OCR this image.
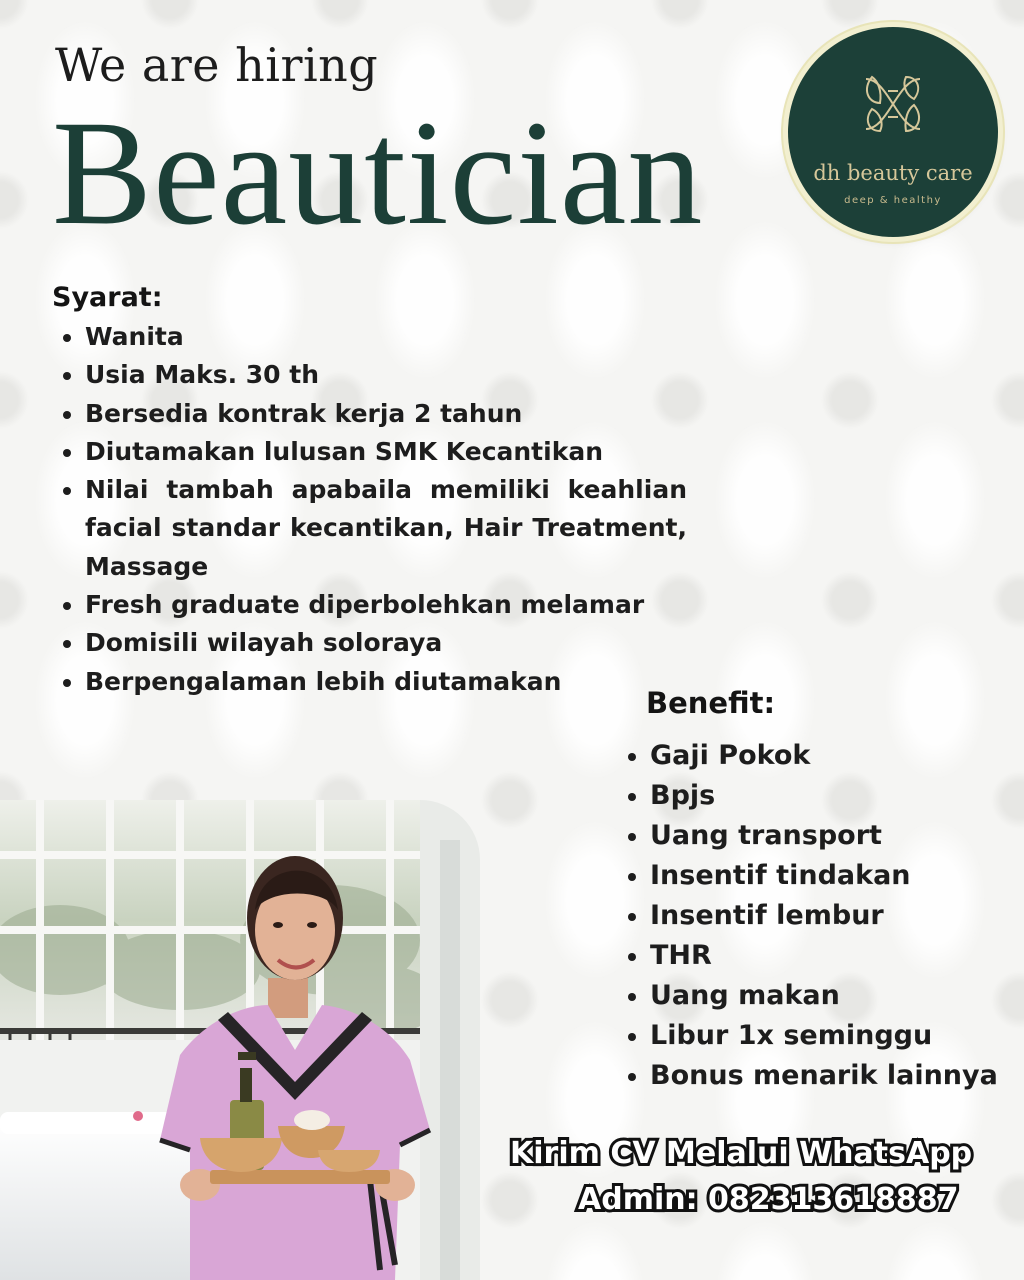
We are hiring
Beautician	dh beauty care
deep & healthy
Syarat:
Wanita
Usia Maks. 30 th
Bersedia kontrak kerja 2 tahun
Diutamakan lulusan SMK Kecantikan
Nilai tambah apabaila memiliki keahlian facial standar kecantikan, Hair Treatment, Massage
Fresh graduate diperbolehkan melamar
Domisili wilayah soloraya
Berpengalaman lebih diutamakan
Benefit:
Gaji Pokok
Bpjs
Uang transport
Insentif tindakan
Insentif lembur
THR
Uang makan
Libur 1x seminggu
Bonus menarik lainnya
Kirim CV Melalui WhatsApp
Admin: 082313618887
